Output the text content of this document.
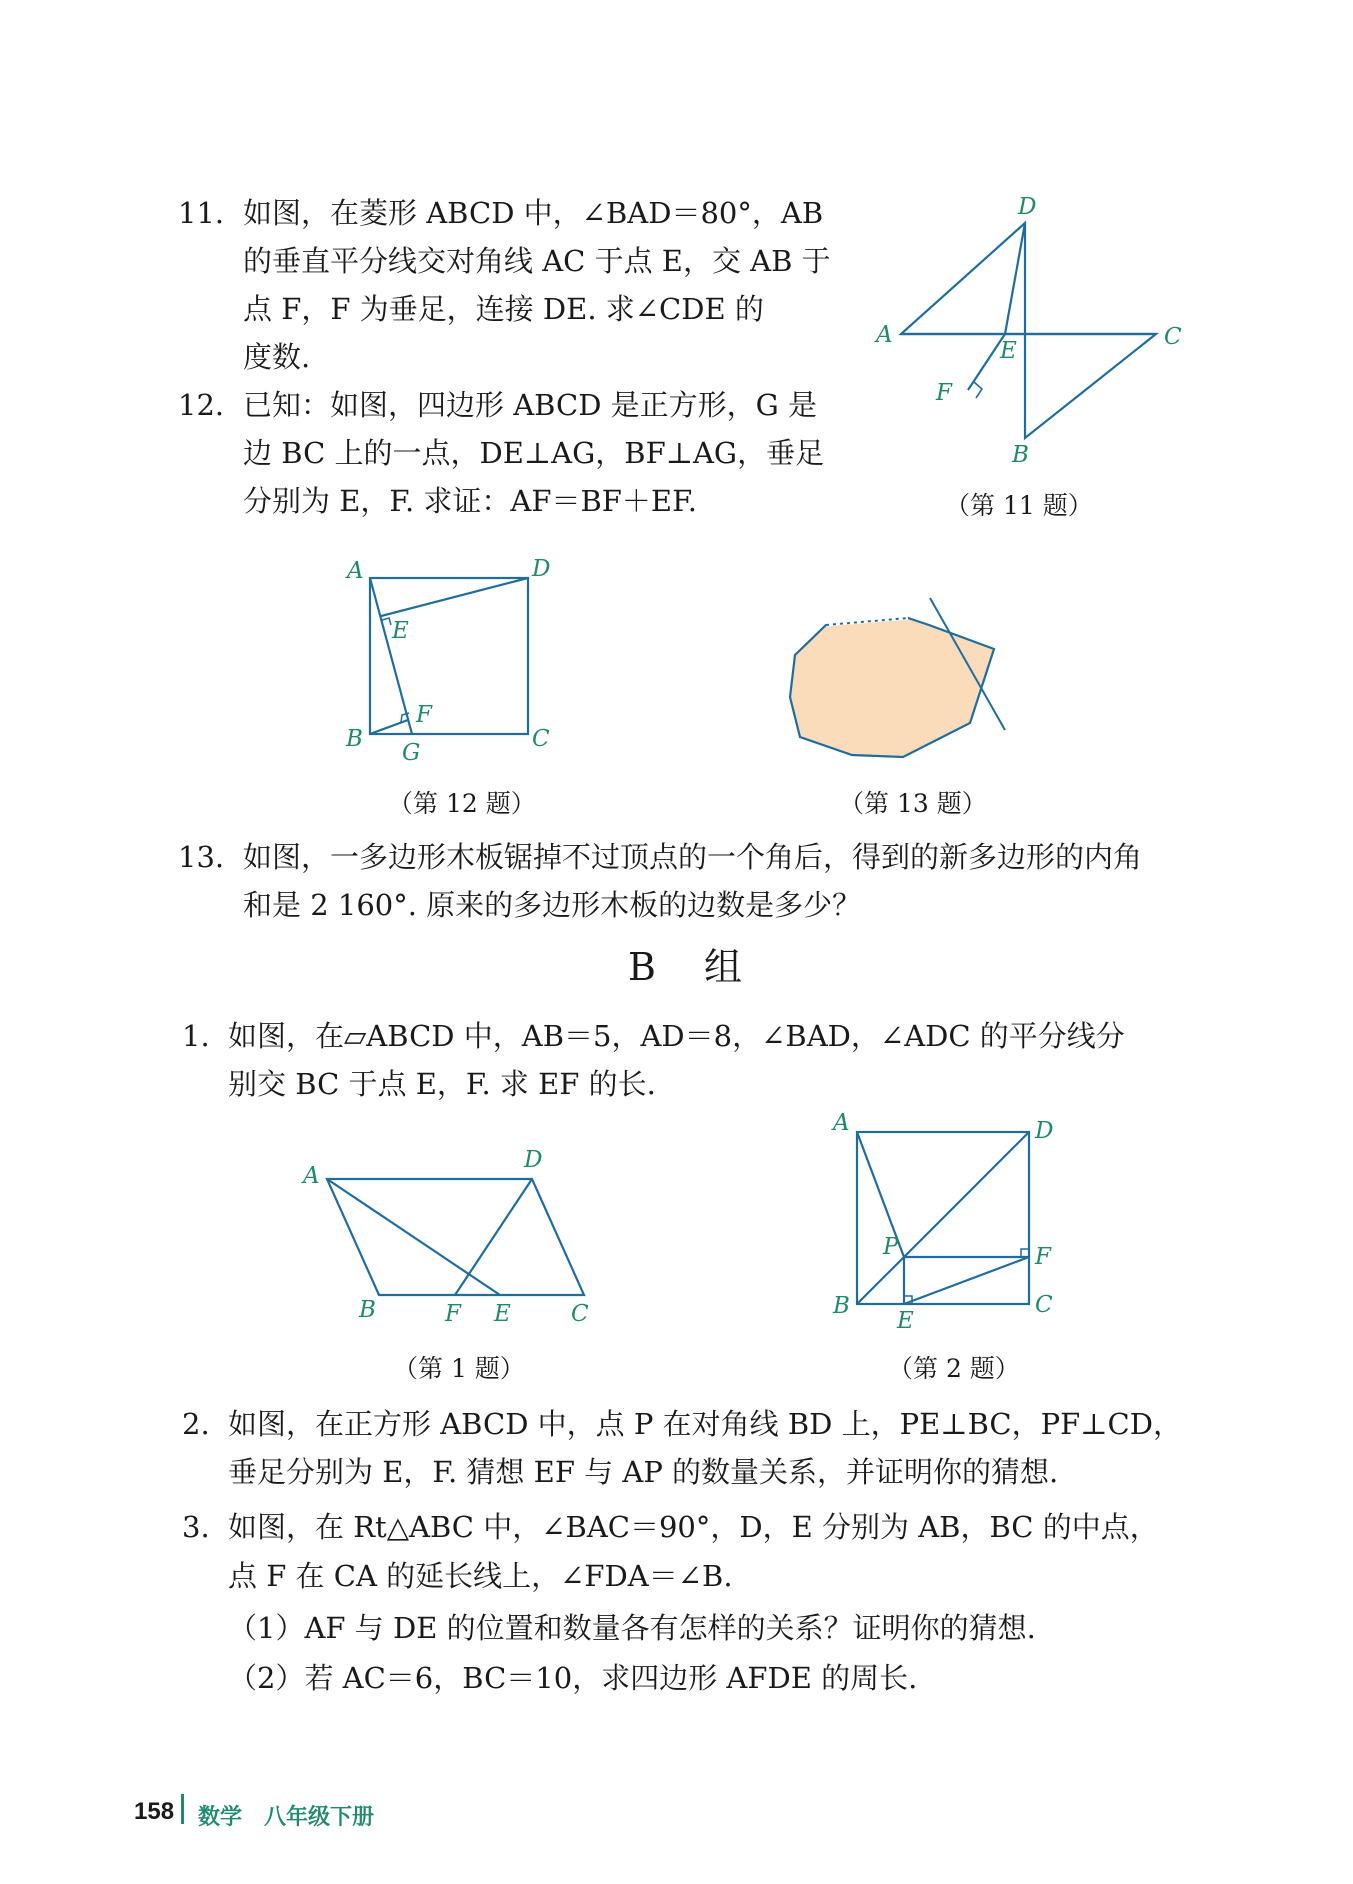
11. 如图，在菱形 ABCD 中，∠BAD＝80°，AB
的垂直平分线交对角线 AC 于点 E，交 AB 于
点 F，F 为垂足，连接 DE. 求∠CDE 的
度数.
12. 已知：如图，四边形 ABCD 是正方形，G 是
边 BC 上的一点，DE⊥AG，BF⊥AG，垂足
分别为 E，F. 求证：AF＝BF＋EF.
D
A	C
E
F
B
（第 11 题）
A	D
E
F
B
G
C
（第 12 题）	（第 13 题）
13. 如图，一多边形木板锯掉不过顶点的一个角后，得到的新多边形的内角
和是 2 160°. 原来的多边形木板的边数是多少？
B 组
1. 如图，在▱ABCD 中，AB＝5，AD＝8，∠BAD，∠ADC 的平分线分
别交 BC 于点 E，F. 求 EF 的长.
A
D
B	F E	C
（第 1 题）
A	D
P	F
B
E
C
（第 2 题）
2. 如图，在正方形 ABCD 中，点 P 在对角线 BD 上，PE⊥BC，PF⊥CD，
垂足分别为 E，F. 猜想 EF 与 AP 的数量关系，并证明你的猜想.
3. 如图，在 Rt△ABC 中，∠BAC＝90°，D，E 分别为 AB，BC 的中点，
点 F 在 CA 的延长线上，∠FDA＝∠B.
（1）AF 与 DE 的位置和数量各有怎样的关系？证明你的猜想.
（2）若 AC＝6，BC＝10，求四边形 AFDE 的周长.
158 数学　八年级下册
